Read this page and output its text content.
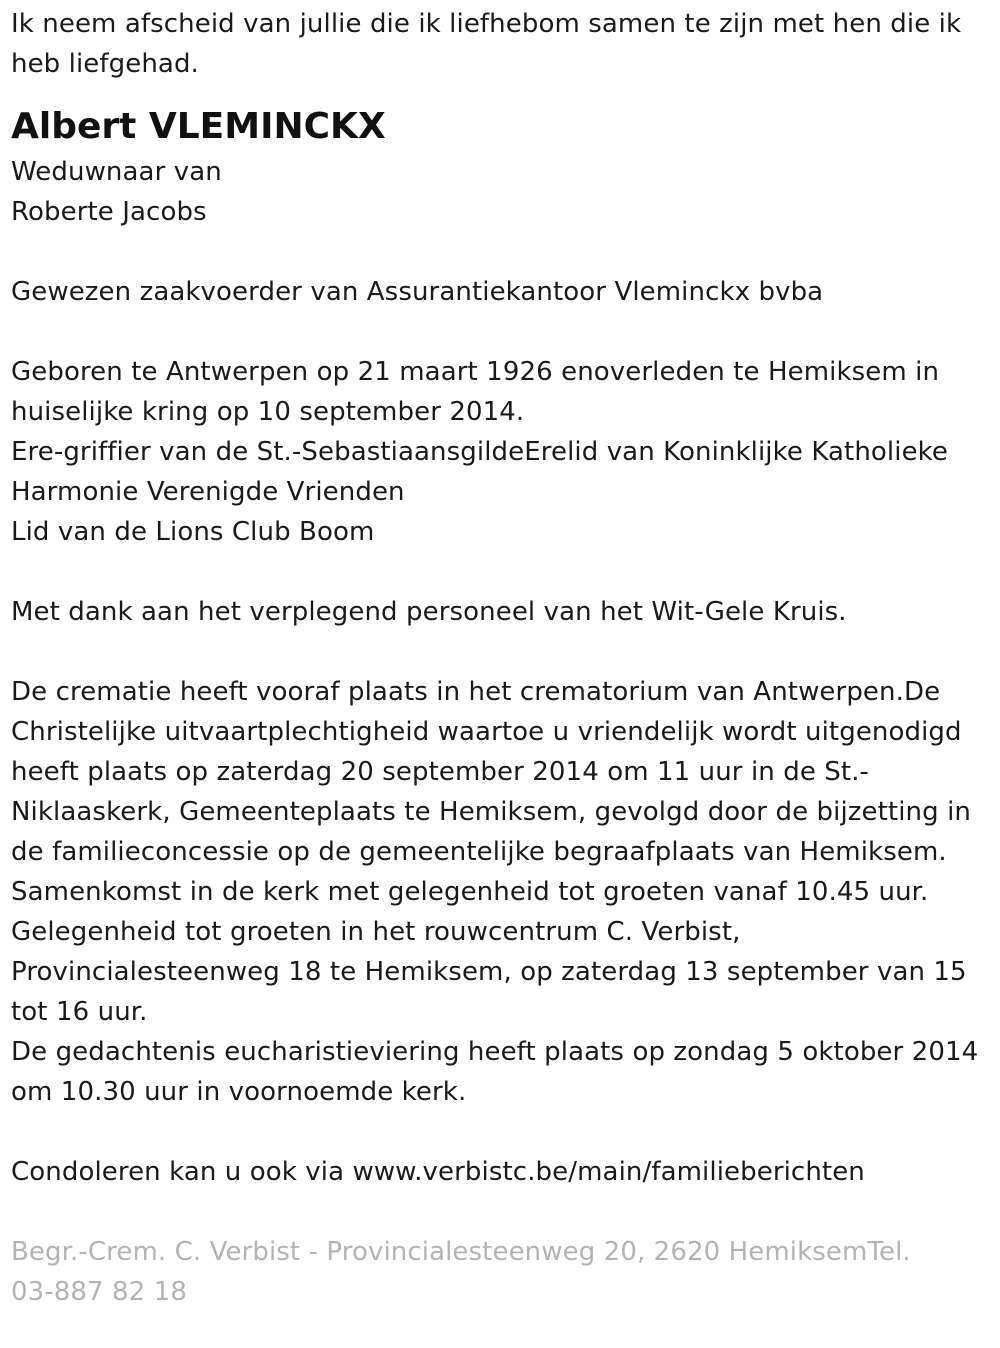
Ik neem afscheid van jullie die ik liefhebom samen te zijn met hen die ik
heb liefgehad.
Albert VLEMINCKX
Weduwnaar van
Roberte Jacobs
Gewezen zaakvoerder van Assurantiekantoor Vleminckx bvba
Geboren te Antwerpen op 21 maart 1926 enoverleden te Hemiksem in
huiselijke kring op 10 september 2014.
Ere-griffier van de St.-SebastiaansgildeErelid van Koninklijke Katholieke
Harmonie Verenigde Vrienden
Lid van de Lions Club Boom
Met dank aan het verplegend personeel van het Wit-Gele Kruis.
De crematie heeft vooraf plaats in het crematorium van Antwerpen.De
Christelijke uitvaartplechtigheid waartoe u vriendelijk wordt uitgenodigd
heeft plaats op zaterdag 20 september 2014 om 11 uur in de St.-
Niklaaskerk, Gemeenteplaats te Hemiksem, gevolgd door de bijzetting in
de familieconcessie op de gemeentelijke begraafplaats van Hemiksem.
Samenkomst in de kerk met gelegenheid tot groeten vanaf 10.45 uur.
Gelegenheid tot groeten in het rouwcentrum C. Verbist,
Provincialesteenweg 18 te Hemiksem, op zaterdag 13 september van 15
tot 16 uur.
De gedachtenis eucharistieviering heeft plaats op zondag 5 oktober 2014
om 10.30 uur in voornoemde kerk.
Condoleren kan u ook via www.verbistc.be/main/familieberichten
Begr.-Crem. C. Verbist - Provincialesteenweg 20, 2620 HemiksemTel.
03-887 82 18
